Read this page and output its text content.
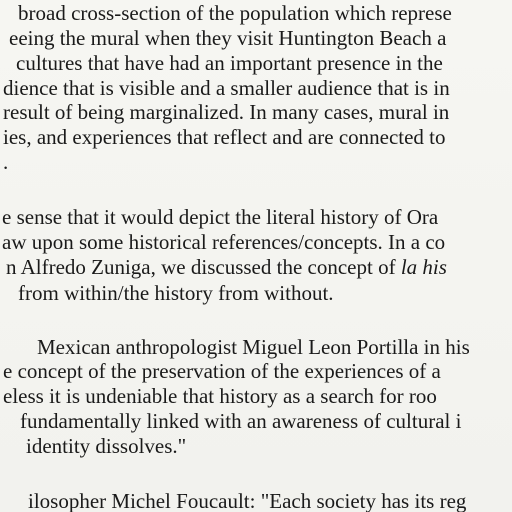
broad cross-section of the population which represe
eeing the mural when they visit Huntington Beach a
cultures that have had an important presence in the
dience that is visible and a smaller audience that is in
result of being marginalized. In many cases, mural in
ies, and experiences that reflect and are connected to
.
e sense that it would depict the literal history of Ora
aw upon some historical references/concepts. In a co
n Alfredo Zuniga, we discussed the concept of la his
from within/the history from without.
Mexican anthropologist Miguel Leon Portilla in his
e concept of the preservation of the experiences of a
eless it is undeniable that history as a search for roo
fundamentally linked with an awareness of cultural i
identity dissolves."
ilosopher Michel Foucault: "Each society has its reg
